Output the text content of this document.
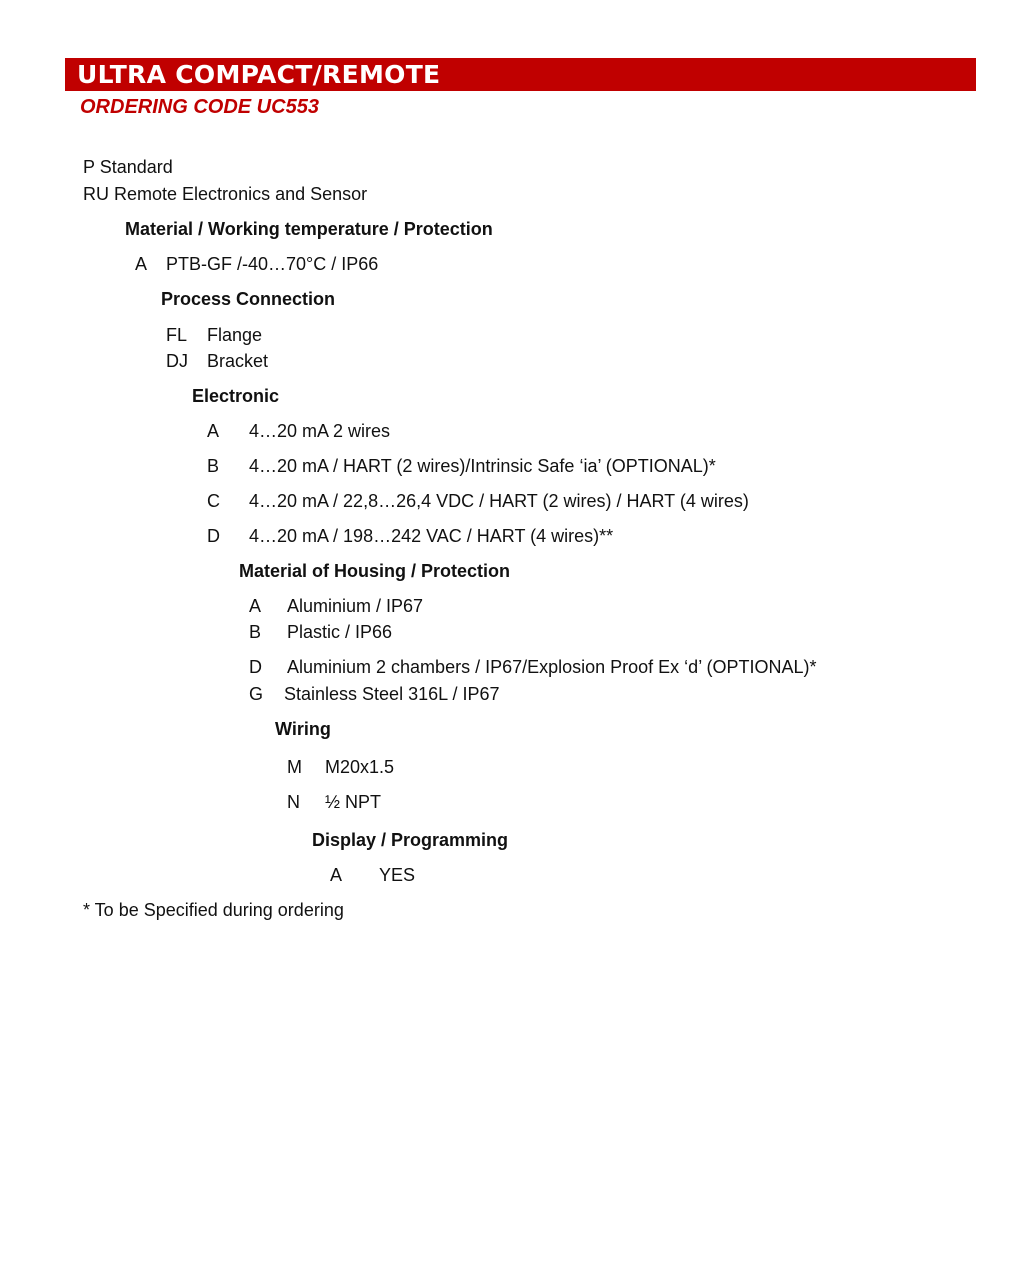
ULTRA COMPACT/REMOTE
ORDERING CODE UC553
P Standard
RU Remote Electronics and Sensor
Material / Working temperature / Protection
A PTB-GF /-40…70°C / IP66
Process Connection
FL Flange
DJ Bracket
Electronic
A 4…20 mA 2 wires
B 4…20 mA / HART (2 wires)/Intrinsic Safe ‘ia’ (OPTIONAL)*
C 4…20 mA / 22,8…26,4 VDC / HART (2 wires) / HART (4 wires)
D 4…20 mA / 198…242 VAC / HART (4 wires)**
Material of Housing / Protection
A Aluminium / IP67
B Plastic / IP66
D Aluminium 2 chambers / IP67/Explosion Proof Ex ‘d’ (OPTIONAL)*
G Stainless Steel 316L / IP67
Wiring
M M20x1.5
N ½ NPT
Display / Programming
A YES
* To be Specified during ordering
